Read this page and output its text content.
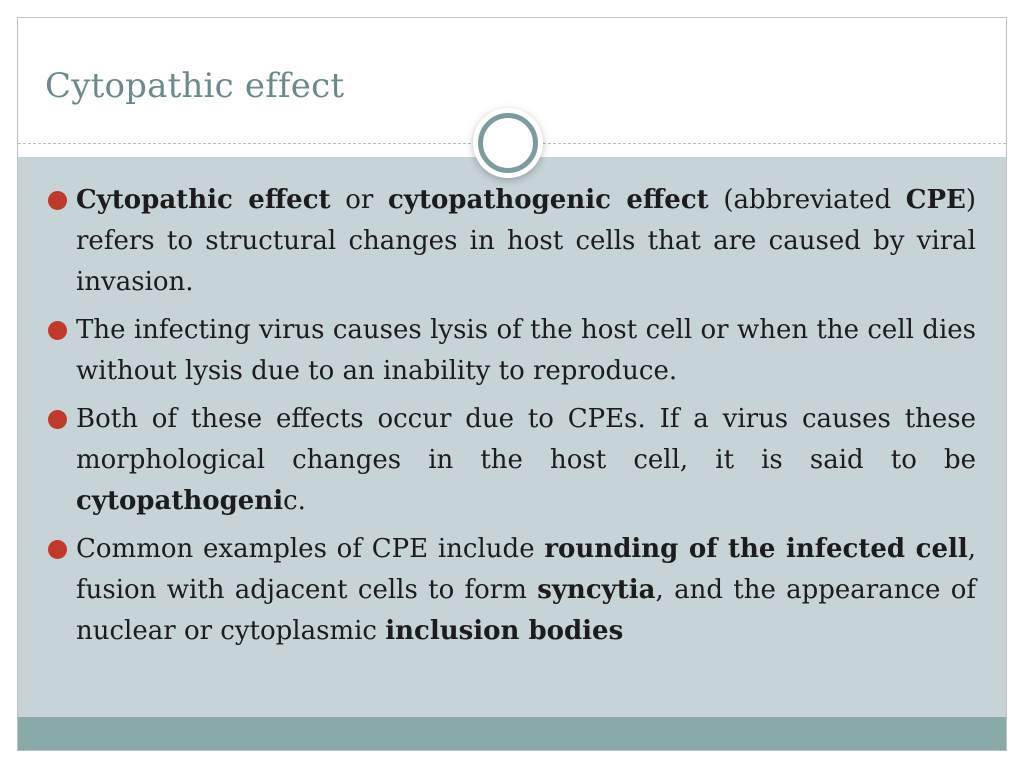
Cytopathic effect
Cytopathic effect or cytopathogenic effect (abbreviated CPE) refers to structural changes in host cells that are caused by viral invasion.
The infecting virus causes lysis of the host cell or when the cell dies without lysis due to an inability to reproduce.
Both of these effects occur due to CPEs. If a virus causes these morphological changes in the host cell, it is said to be cytopathogenic.
Common examples of CPE include rounding of the infected cell, fusion with adjacent cells to form syncytia, and the appearance of nuclear or cytoplasmic inclusion bodies
